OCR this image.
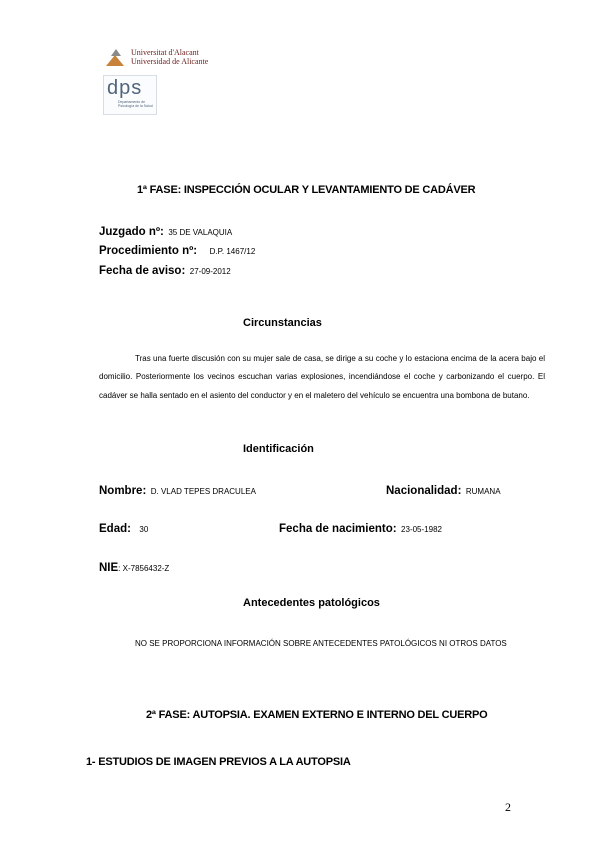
Universitat d'Alacant
Universidad de Alicante
dps
Departamento de Psicología de la Salud
1ª FASE: INSPECCIÓN OCULAR Y LEVANTAMIENTO DE CADÁVER
Juzgado nº: 35 DE VALAQUIA
Procedimiento nº: D.P. 1467/12
Fecha de aviso: 27-09-2012
Circunstancias

Tras una fuerte discusión con su mujer sale de casa, se dirige a su coche y lo estaciona encima de la acera bajo el domicilio. Posteriormente los vecinos escuchan varias explosiones, incendiándose el coche y carbonizando el cuerpo. El cadáver se halla sentado en el asiento del conductor y en el maletero del vehículo se encuentra una bombona de butano.

Identificación
Nombre: D. VLAD TEPES DRACULEA	Nacionalidad: RUMANA
Edad: 30	Fecha de nacimiento: 23-05-1982
NIE: X-7856432-Z
Antecedentes patológicos

NO SE PROPORCIONA INFORMACIÓN SOBRE ANTECEDENTES PATOLÓGICOS NI OTROS DATOS

2ª FASE: AUTOPSIA. EXAMEN EXTERNO E INTERNO DEL CUERPO
1- ESTUDIOS DE IMAGEN PREVIOS A LA AUTOPSIA
2
